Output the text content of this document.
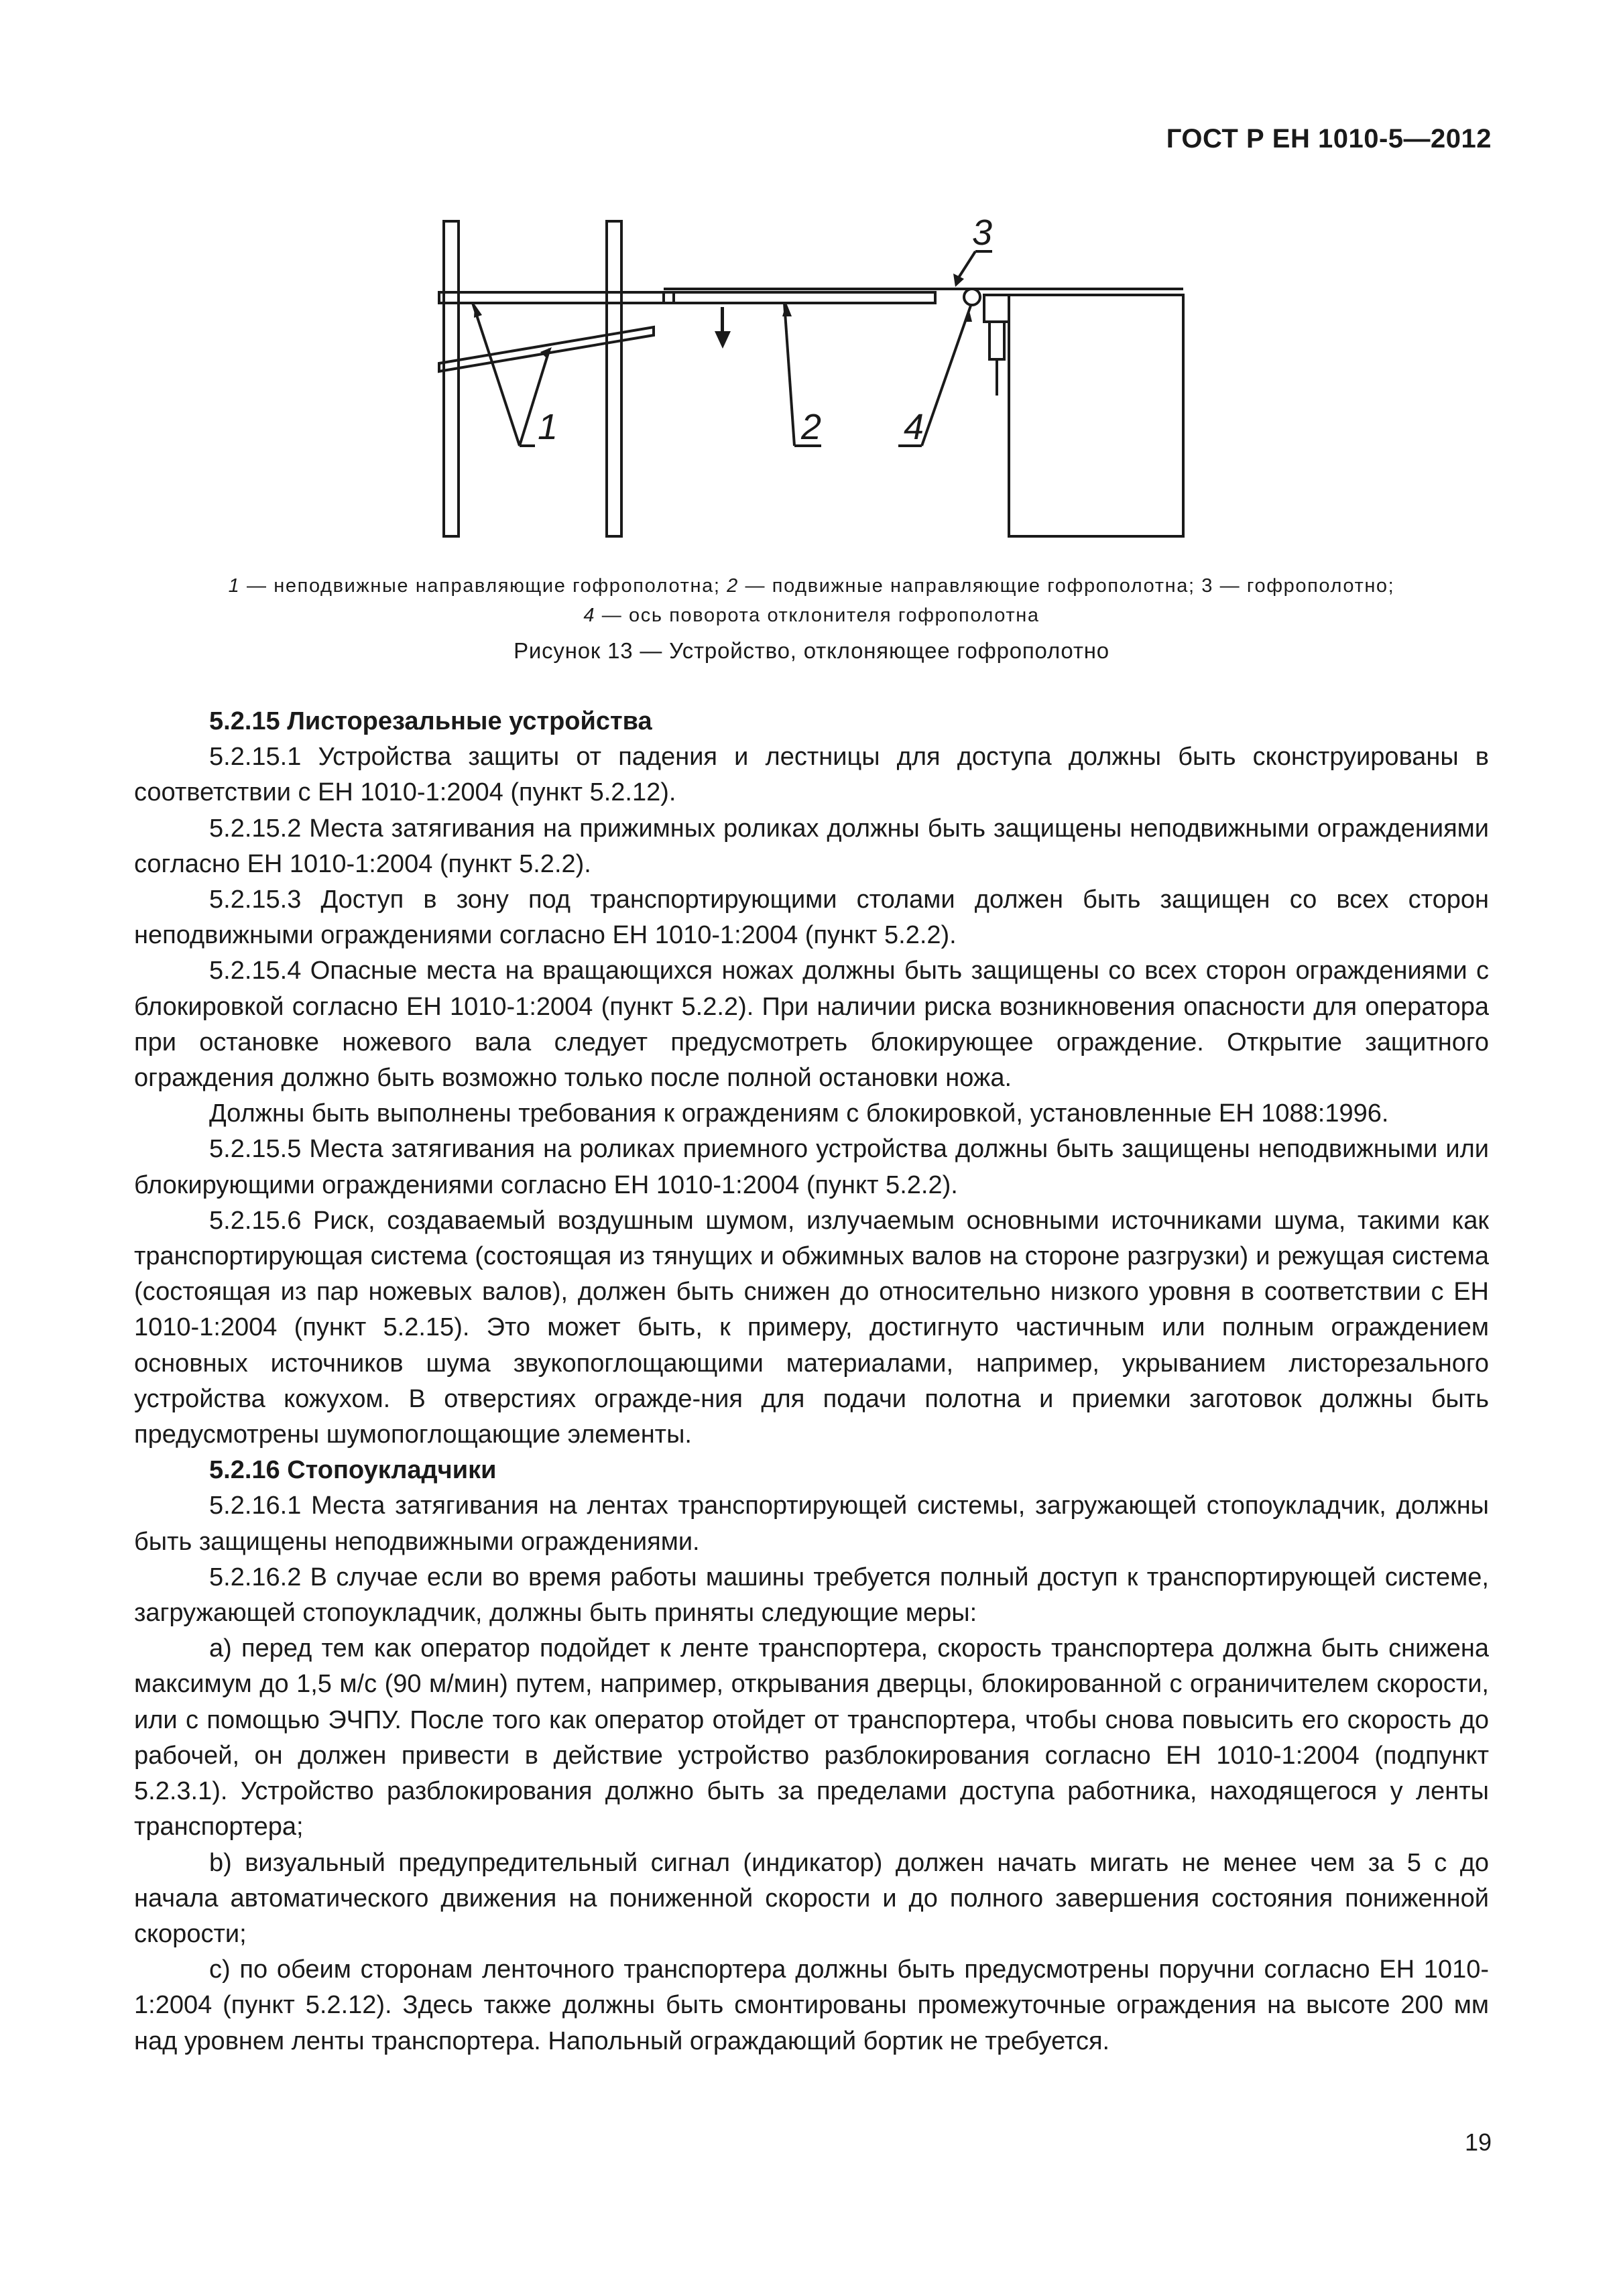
ГОСТ Р ЕН 1010-5—2012
1	2
3
4
1 — неподвижные направляющие гофрополотна; 2 — подвижные направляющие гофрополотна; 3 — гофрополотно;
4 — ось поворота отклонителя гофрополотна
Рисунок 13 — Устройство, отклоняющее гофрополотно

5.2.15 Листорезальные устройства

5.2.15.1 Устройства защиты от падения и лестницы для доступа должны быть сконструированы в соответствии с ЕН 1010-1:2004 (пункт 5.2.12).

5.2.15.2 Места затягивания на прижимных роликах должны быть защищены неподвижными ограждениями согласно ЕН 1010-1:2004 (пункт 5.2.2).

5.2.15.3 Доступ в зону под транспортирующими столами должен быть защищен со всех сторон неподвижными ограждениями согласно ЕН 1010-1:2004 (пункт 5.2.2).

5.2.15.4 Опасные места на вращающихся ножах должны быть защищены со всех сторон ограждениями с блокировкой согласно ЕН 1010-1:2004 (пункт 5.2.2). При наличии риска возникновения опасности для оператора при остановке ножевого вала следует предусмотреть блокирующее ограждение. Открытие защитного ограждения должно быть возможно только после полной остановки ножа.

Должны быть выполнены требования к ограждениям с блокировкой, установленные ЕН 1088:1996.

5.2.15.5 Места затягивания на роликах приемного устройства должны быть защищены неподвижными или блокирующими ограждениями согласно ЕН 1010-1:2004 (пункт 5.2.2).

5.2.15.6 Риск, создаваемый воздушным шумом, излучаемым основными источниками шума, такими как транспортирующая система (состоящая из тянущих и обжимных валов на стороне разгрузки) и режущая система (состоящая из пар ножевых валов), должен быть снижен до относительно низкого уровня в соответствии с ЕН 1010-1:2004 (пункт 5.2.15). Это может быть, к примеру, достигнуто частичным или полным ограждением основных источников шума звукопоглощающими материалами, например, укрыванием листорезального устройства кожухом. В отверстиях огражде-ния для подачи полотна и приемки заготовок должны быть предусмотрены шумопоглощающие элементы.

5.2.16 Стопоукладчики

5.2.16.1 Места затягивания на лентах транспортирующей системы, загружающей стопоукладчик, должны быть защищены неподвижными ограждениями.

5.2.16.2 В случае если во время работы машины требуется полный доступ к транспортирующей системе, загружающей стопоукладчик, должны быть приняты следующие меры:

a) перед тем как оператор подойдет к ленте транспортера, скорость транспортера должна быть снижена максимум до 1,5 м/с (90 м/мин) путем, например, открывания дверцы, блокированной с ограничителем скорости, или с помощью ЭЧПУ. После того как оператор отойдет от транспортера, чтобы снова повысить его скорость до рабочей, он должен привести в действие устройство разблокирования согласно ЕН 1010-1:2004 (подпункт 5.2.3.1). Устройство разблокирования должно быть за пределами доступа работника, находящегося у ленты транспортера;

b) визуальный предупредительный сигнал (индикатор) должен начать мигать не менее чем за 5 с до начала автоматического движения на пониженной скорости и до полного завершения состояния пониженной скорости;

c) по обеим сторонам ленточного транспортера должны быть предусмотрены поручни согласно ЕН 1010-1:2004 (пункт 5.2.12). Здесь также должны быть смонтированы промежуточные ограждения на высоте 200 мм над уровнем ленты транспортера. Напольный ограждающий бортик не требуется.

19
